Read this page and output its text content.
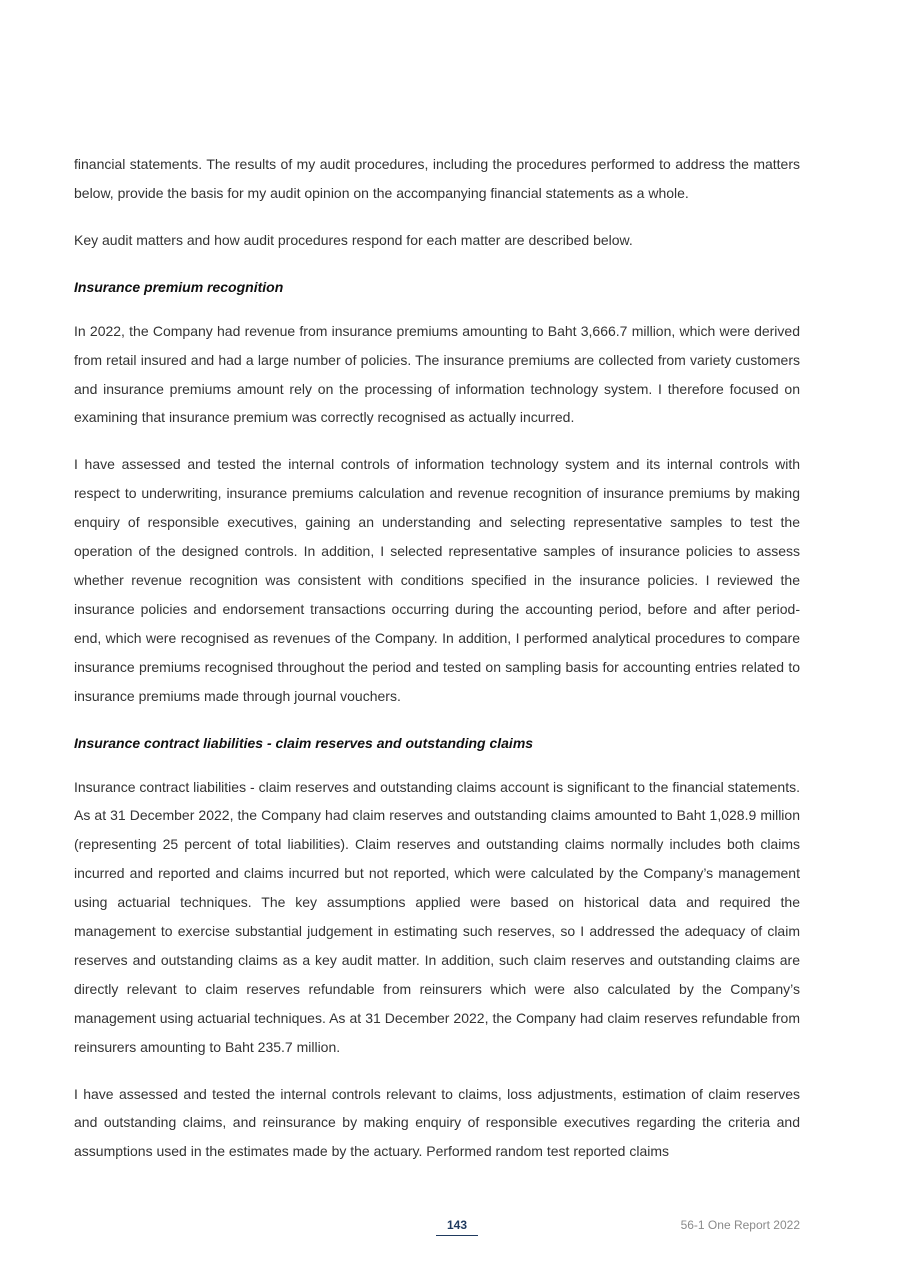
financial statements. The results of my audit procedures, including the procedures performed to address the matters below, provide the basis for my audit opinion on the accompanying financial statements as a whole.

Key audit matters and how audit procedures respond for each matter are described below.

Insurance premium recognition

In 2022, the Company had revenue from insurance premiums amounting to Baht 3,666.7 million, which were derived from retail insured and had a large number of policies. The insurance premiums are collected from variety customers and insurance premiums amount rely on the processing of information technology system. I therefore focused on examining that insurance premium was correctly recognised as actually incurred.

I have assessed and tested the internal controls of information technology system and its internal controls with respect to underwriting, insurance premiums calculation and revenue recognition of insurance premiums by making enquiry of responsible executives, gaining an understanding and selecting representative samples to test the operation of the designed controls. In addition, I selected representative samples of insurance policies to assess whether revenue recognition was consistent with conditions specified in the insurance policies. I reviewed the insurance policies and endorsement transactions occurring during the accounting period, before and after period-end, which were recognised as revenues of the Company. In addition, I performed analytical procedures to compare insurance premiums recognised throughout the period and tested on sampling basis for accounting entries related to insurance premiums made through journal vouchers.

Insurance contract liabilities - claim reserves and outstanding claims

Insurance contract liabilities - claim reserves and outstanding claims account is significant to the financial statements. As at 31 December 2022, the Company had claim reserves and outstanding claims amounted to Baht 1,028.9 million (representing 25 percent of total liabilities). Claim reserves and outstanding claims normally includes both claims incurred and reported and claims incurred but not reported, which were calculated by the Company’s management using actuarial techniques. The key assumptions applied were based on historical data and required the management to exercise substantial judgement in estimating such reserves, so I addressed the adequacy of claim reserves and outstanding claims as a key audit matter. In addition, such claim reserves and outstanding claims are directly relevant to claim reserves refundable from reinsurers which were also calculated by the Company’s management using actuarial techniques. As at 31 December 2022, the Company had claim reserves refundable from reinsurers amounting to Baht 235.7 million.

I have assessed and tested the internal controls relevant to claims, loss adjustments, estimation of claim reserves and outstanding claims, and reinsurance by making enquiry of responsible executives regarding the criteria and assumptions used in the estimates made by the actuary. Performed random test reported claims

143	56-1 One Report 2022
